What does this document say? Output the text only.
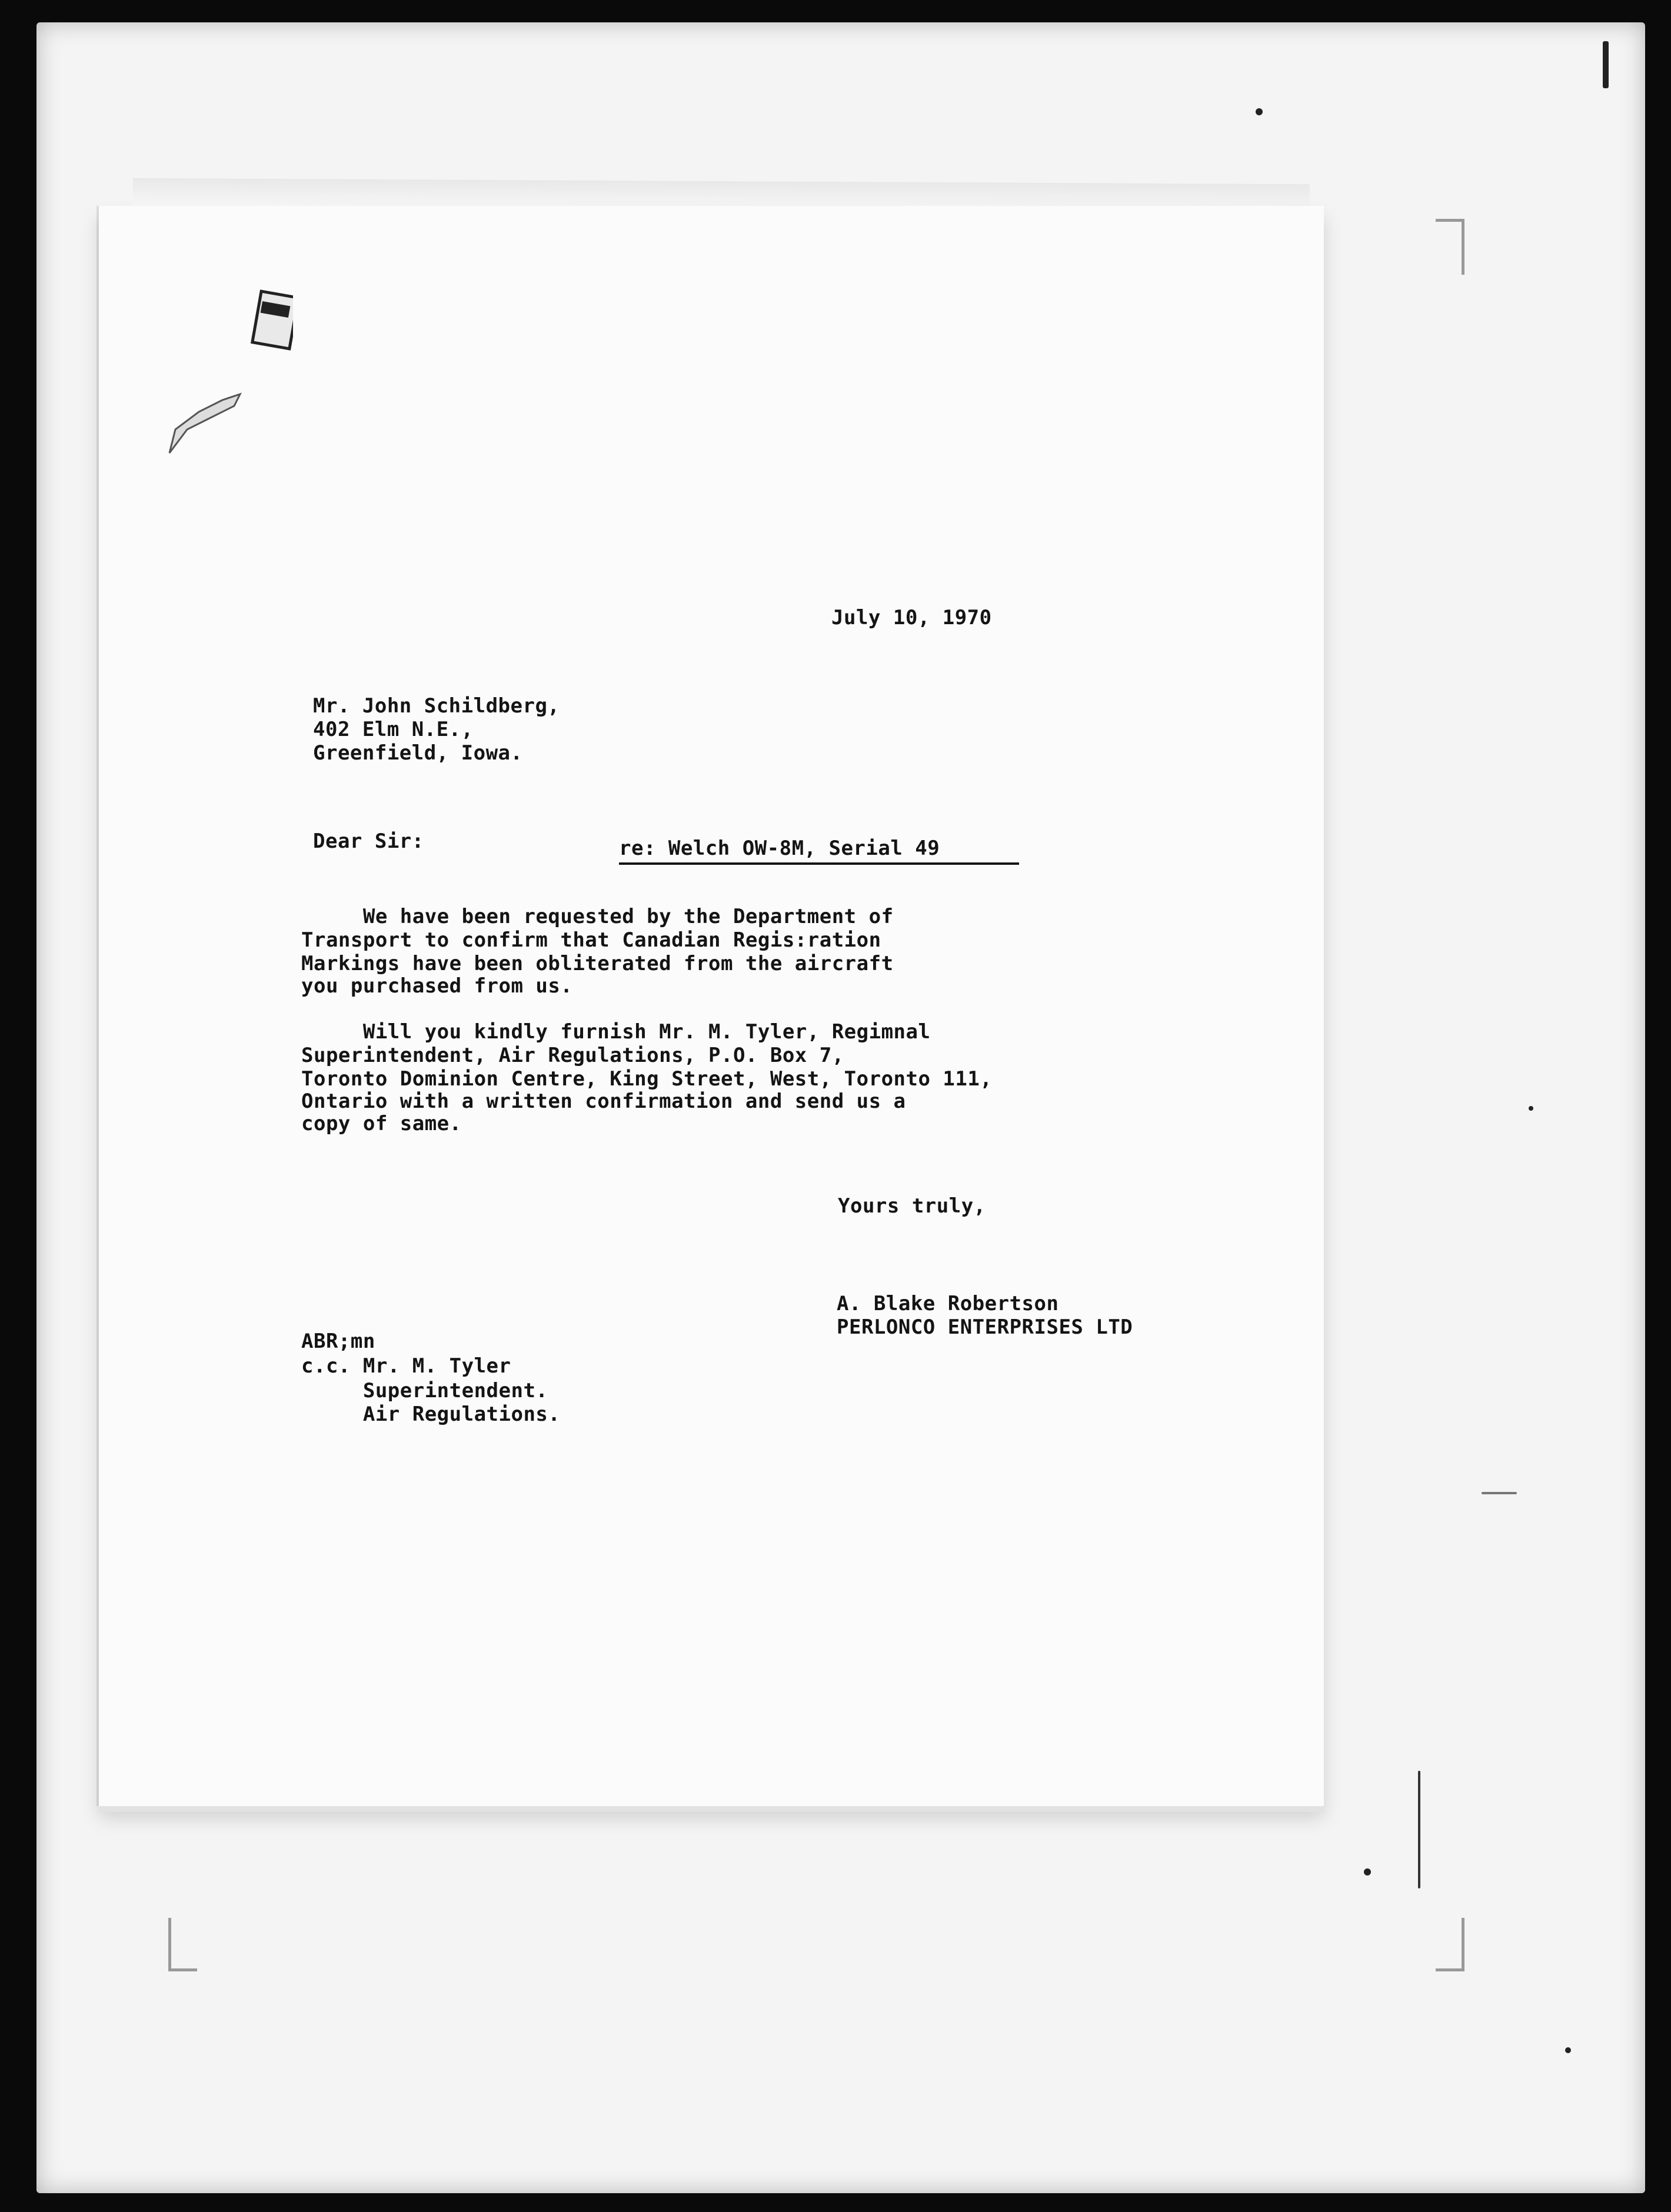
July 10, 1970
Mr. John Schildberg,
402 Elm N.E.,
Greenfield, Iowa.
Dear Sir:	re: Welch OW-8M, Serial 49
We have been requested by the Department of
Transport to confirm that Canadian Regis:ration
Markings have been obliterated from the aircraft
you purchased from us.
Will you kindly furnish Mr. M. Tyler, Regimnal
Superintendent, Air Regulations, P.O. Box 7,
Toronto Dominion Centre, King Street, West, Toronto 111,
Ontario with a written confirmation and send us a
copy of same.
Yours truly,
A. Blake Robertson
PERLONCO ENTERPRISES LTD
ABR;mn
c.c. Mr. M. Tyler
Superintendent.
Air Regulations.
